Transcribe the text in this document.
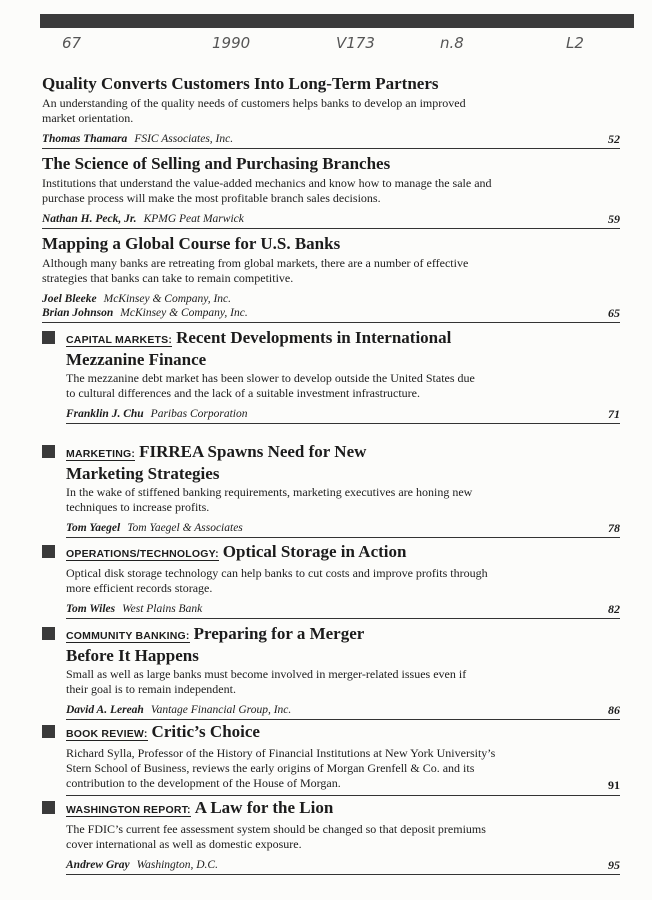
67	1990	V173	n.8	L2
Quality Converts Customers Into Long-Term Partners
An understanding of the quality needs of customers helps banks to develop an improved market orientation.
Thomas Thamara FSIC Associates, Inc.	52
The Science of Selling and Purchasing Branches
Institutions that understand the value-added mechanics and know how to manage the sale and purchase process will make the most profitable branch sales decisions.
Nathan H. Peck, Jr. KPMG Peat Marwick	59
Mapping a Global Course for U.S. Banks
Although many banks are retreating from global markets, there are a number of effective strategies that banks can take to remain competitive.
Joel Bleeke McKinsey & Company, Inc.
Brian Johnson McKinsey & Company, Inc.	65
CAPITAL MARKETS: Recent Developments in International Mezzanine Finance
The mezzanine debt market has been slower to develop outside the United States due to cultural differences and the lack of a suitable investment infrastructure.
Franklin J. Chu Paribas Corporation	71
MARKETING: FIRREA Spawns Need for New Marketing Strategies
In the wake of stiffened banking requirements, marketing executives are honing new techniques to increase profits.
Tom Yaegel Tom Yaegel & Associates	78
OPERATIONS/TECHNOLOGY: Optical Storage in Action
Optical disk storage technology can help banks to cut costs and improve profits through more efficient records storage.
Tom Wiles West Plains Bank	82
COMMUNITY BANKING: Preparing for a Merger Before It Happens
Small as well as large banks must become involved in merger-related issues even if their goal is to remain independent.
David A. Lereah Vantage Financial Group, Inc.	86
BOOK REVIEW: Critic’s Choice
Richard Sylla, Professor of the History of Financial Institutions at New York University’s Stern School of Business, reviews the early origins of Morgan Grenfell & Co. and its contribution to the development of the House of Morgan.	91
WASHINGTON REPORT: A Law for the Lion
The FDIC’s current fee assessment system should be changed so that deposit premiums cover international as well as domestic exposure.
Andrew Gray Washington, D.C.	95
